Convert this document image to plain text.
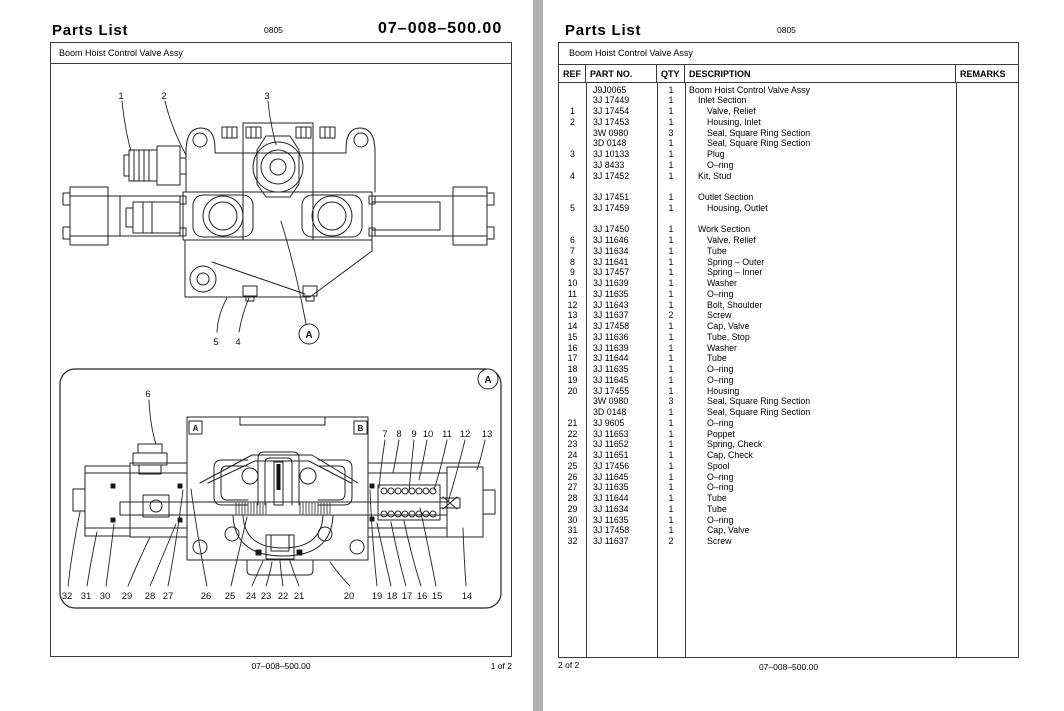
Parts List	0805	07–008–500.00
Boom Hoist Control Valve Assy
1	2	3
5 4
A
6
A
A	B
7 8 9 10 11 12 13
32 31 30 29 28 27	26 25 24 23 22 21	20 19 18 17 16 15 14
07–008–500.00	1 of 2
Parts List	0805
Boom Hoist Control Valve Assy
REF	PART NO.	QTY	DESCRIPTION	REMARKS
J9J0065	1	Boom Hoist Control Valve Assy
3J 17449	1	Inlet Section
1	3J 17454	1	Valve, Relief
2	3J 17453	1	Housing, Inlet
3W 0980	3	Seal, Square Ring Section
3D 0148	1	Seal, Square Ring Section
3	3J 10133	1	Plug
3J 8433	1	O–ring
4	3J 17452	1	Kit, Stud
3J 17451	1	Outlet Section
5	3J 17459	1	Housing, Outlet
3J 17450	1	Work Section
6	3J 11646	1	Valve, Relief
7	3J 11634	1	Tube
8	3J 11641	1	Spring – Outer
9	3J 17457	1	Spring – Inner
10	3J 11639	1	Washer
11	3J 11635	1	O–ring
12	3J 11643	1	Bolt, Shoulder
13	3J 11637	2	Screw
14	3J 17458	1	Cap, Valve
15	3J 11636	1	Tube, Stop
16	3J 11639	1	Washer
17	3J 11644	1	Tube
18	3J 11635	1	O–ring
19	3J 11645	1	O–ring
20	3J 17455	1	Housing
3W 0980	3	Seal, Square Ring Section
3D 0148	1	Seal, Square Ring Section
21	3J 9605	1	O–ring
22	3J 11653	1	Poppet
23	3J 11652	1	Spring, Check
24	3J 11651	1	Cap, Check
25	3J 17456	1	Spool
26	3J 11645	1	O–ring
27	3J 11635	1	O–ring
28	3J 11644	1	Tube
29	3J 11634	1	Tube
30	3J 11635	1	O–ring
31	3J 17458	1	Cap, Valve
32	3J 11637	2	Screw
2 of 2	07–008–500.00
